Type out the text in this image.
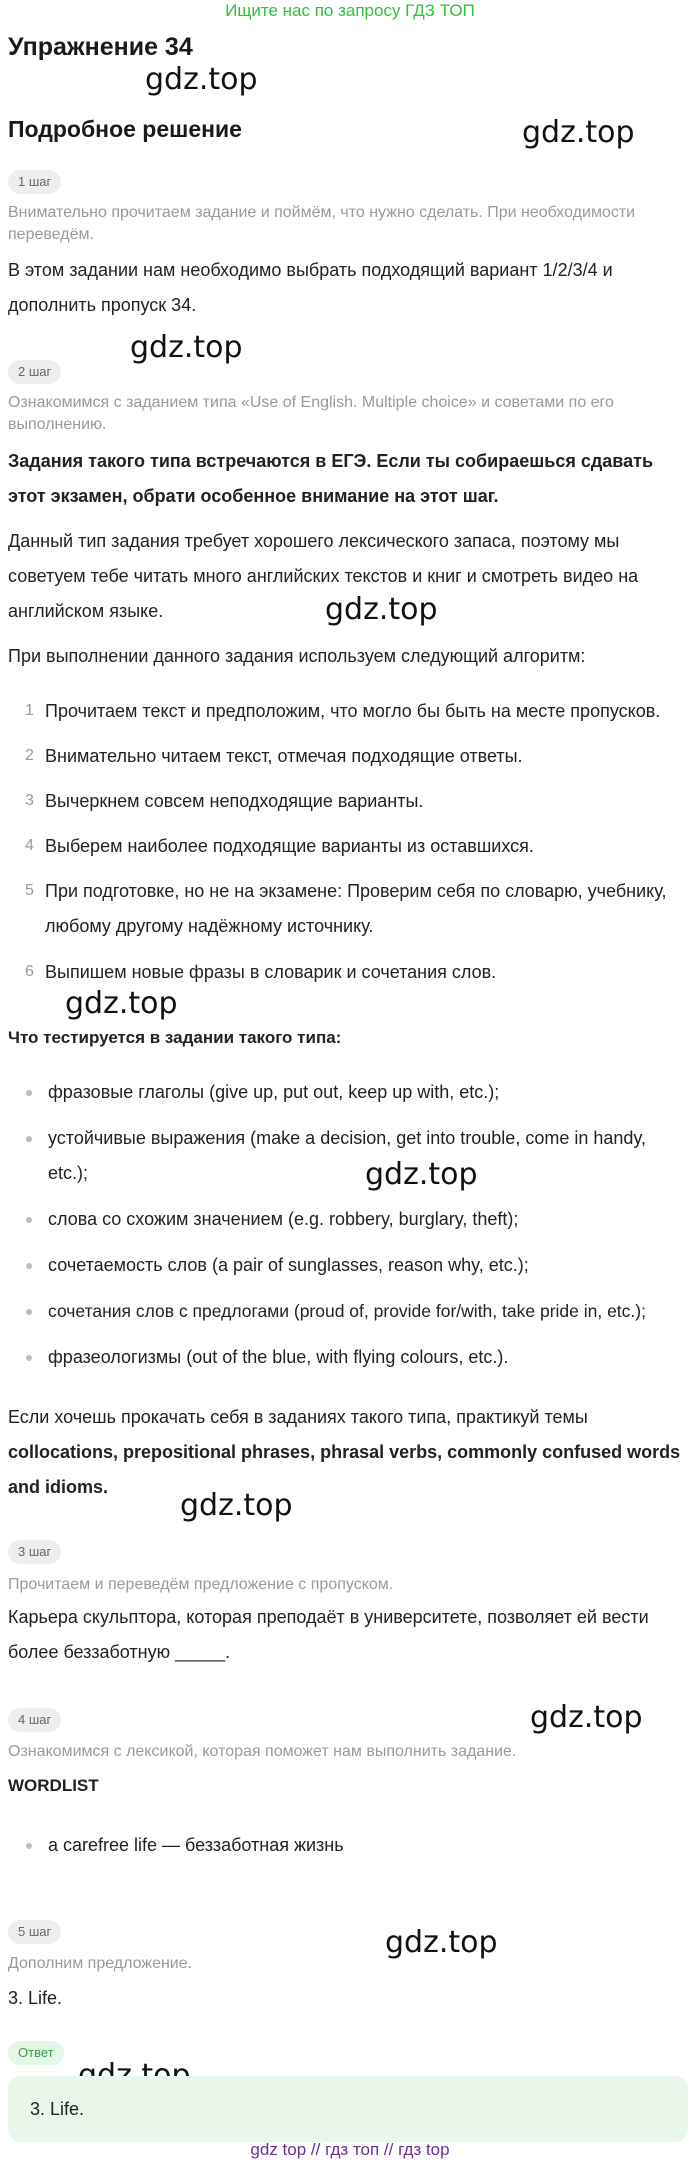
Ищите нас по запросу ГДЗ ТОП
Упражнение 34
Подробное решение
gdz.top
gdz.top
gdz.top
gdz.top
gdz.top
gdz.top
gdz.top
gdz.top
gdz.top
1 шаг
Внимательно прочитаем задание и поймём, что нужно сделать. При необходимости переведём.
В этом задании нам необходимо выбрать подходящий вариант 1/2/3/4 и дополнить пропуск 34.
2 шаг
Ознакомимся с заданием типа «Use of English. Multiple choice» и советами по его выполнению.
Задания такого типа встречаются в ЕГЭ. Если ты собираешься сдавать этот экзамен, обрати особенное внимание на этот шаг.
Данный тип задания требует хорошего лексического запаса, поэтому мы советуем тебе читать много английских текстов и книг и смотреть видео на английском языке.
При выполнении данного задания используем следующий алгоритм:
1 Прочитаем текст и предположим, что могло бы быть на месте пропусков.
2 Внимательно читаем текст, отмечая подходящие ответы.
3 Вычеркнем совсем неподходящие варианты.
4 Выберем наиболее подходящие варианты из оставшихся.
5 При подготовке, но не на экзамене: Проверим себя по словарю, учебнику, любому другому надёжному источнику.
6 Выпишем новые фразы в словарик и сочетания слов.
Что тестируется в задании такого типа:
фразовые глаголы (give up, put out, keep up with, etc.);
устойчивые выражения (make a decision, get into trouble, come in handy, etc.);
слова со схожим значением (e.g. robbery, burglary, theft);
сочетаемость слов (a pair of sunglasses, reason why, etc.);
сочетания слов с предлогами (proud of, provide for/with, take pride in, etc.);
фразеологизмы (out of the blue, with flying colours, etc.).
Если хочешь прокачать себя в заданиях такого типа, практикуй темы
collocations, prepositional phrases, phrasal verbs, commonly confused words and idioms.
3 шаг
Прочитаем и переведём предложение с пропуском.
Карьера скульптора, которая преподаёт в университете, позволяет ей вести более беззаботную _____.
4 шаг
Ознакомимся с лексикой, которая поможет нам выполнить задание.
WORDLIST
a carefree life — беззаботная жизнь
5 шаг
Дополним предложение.
3. Life.
Ответ
3. Life.
gdz top // гдз топ // гдз top
